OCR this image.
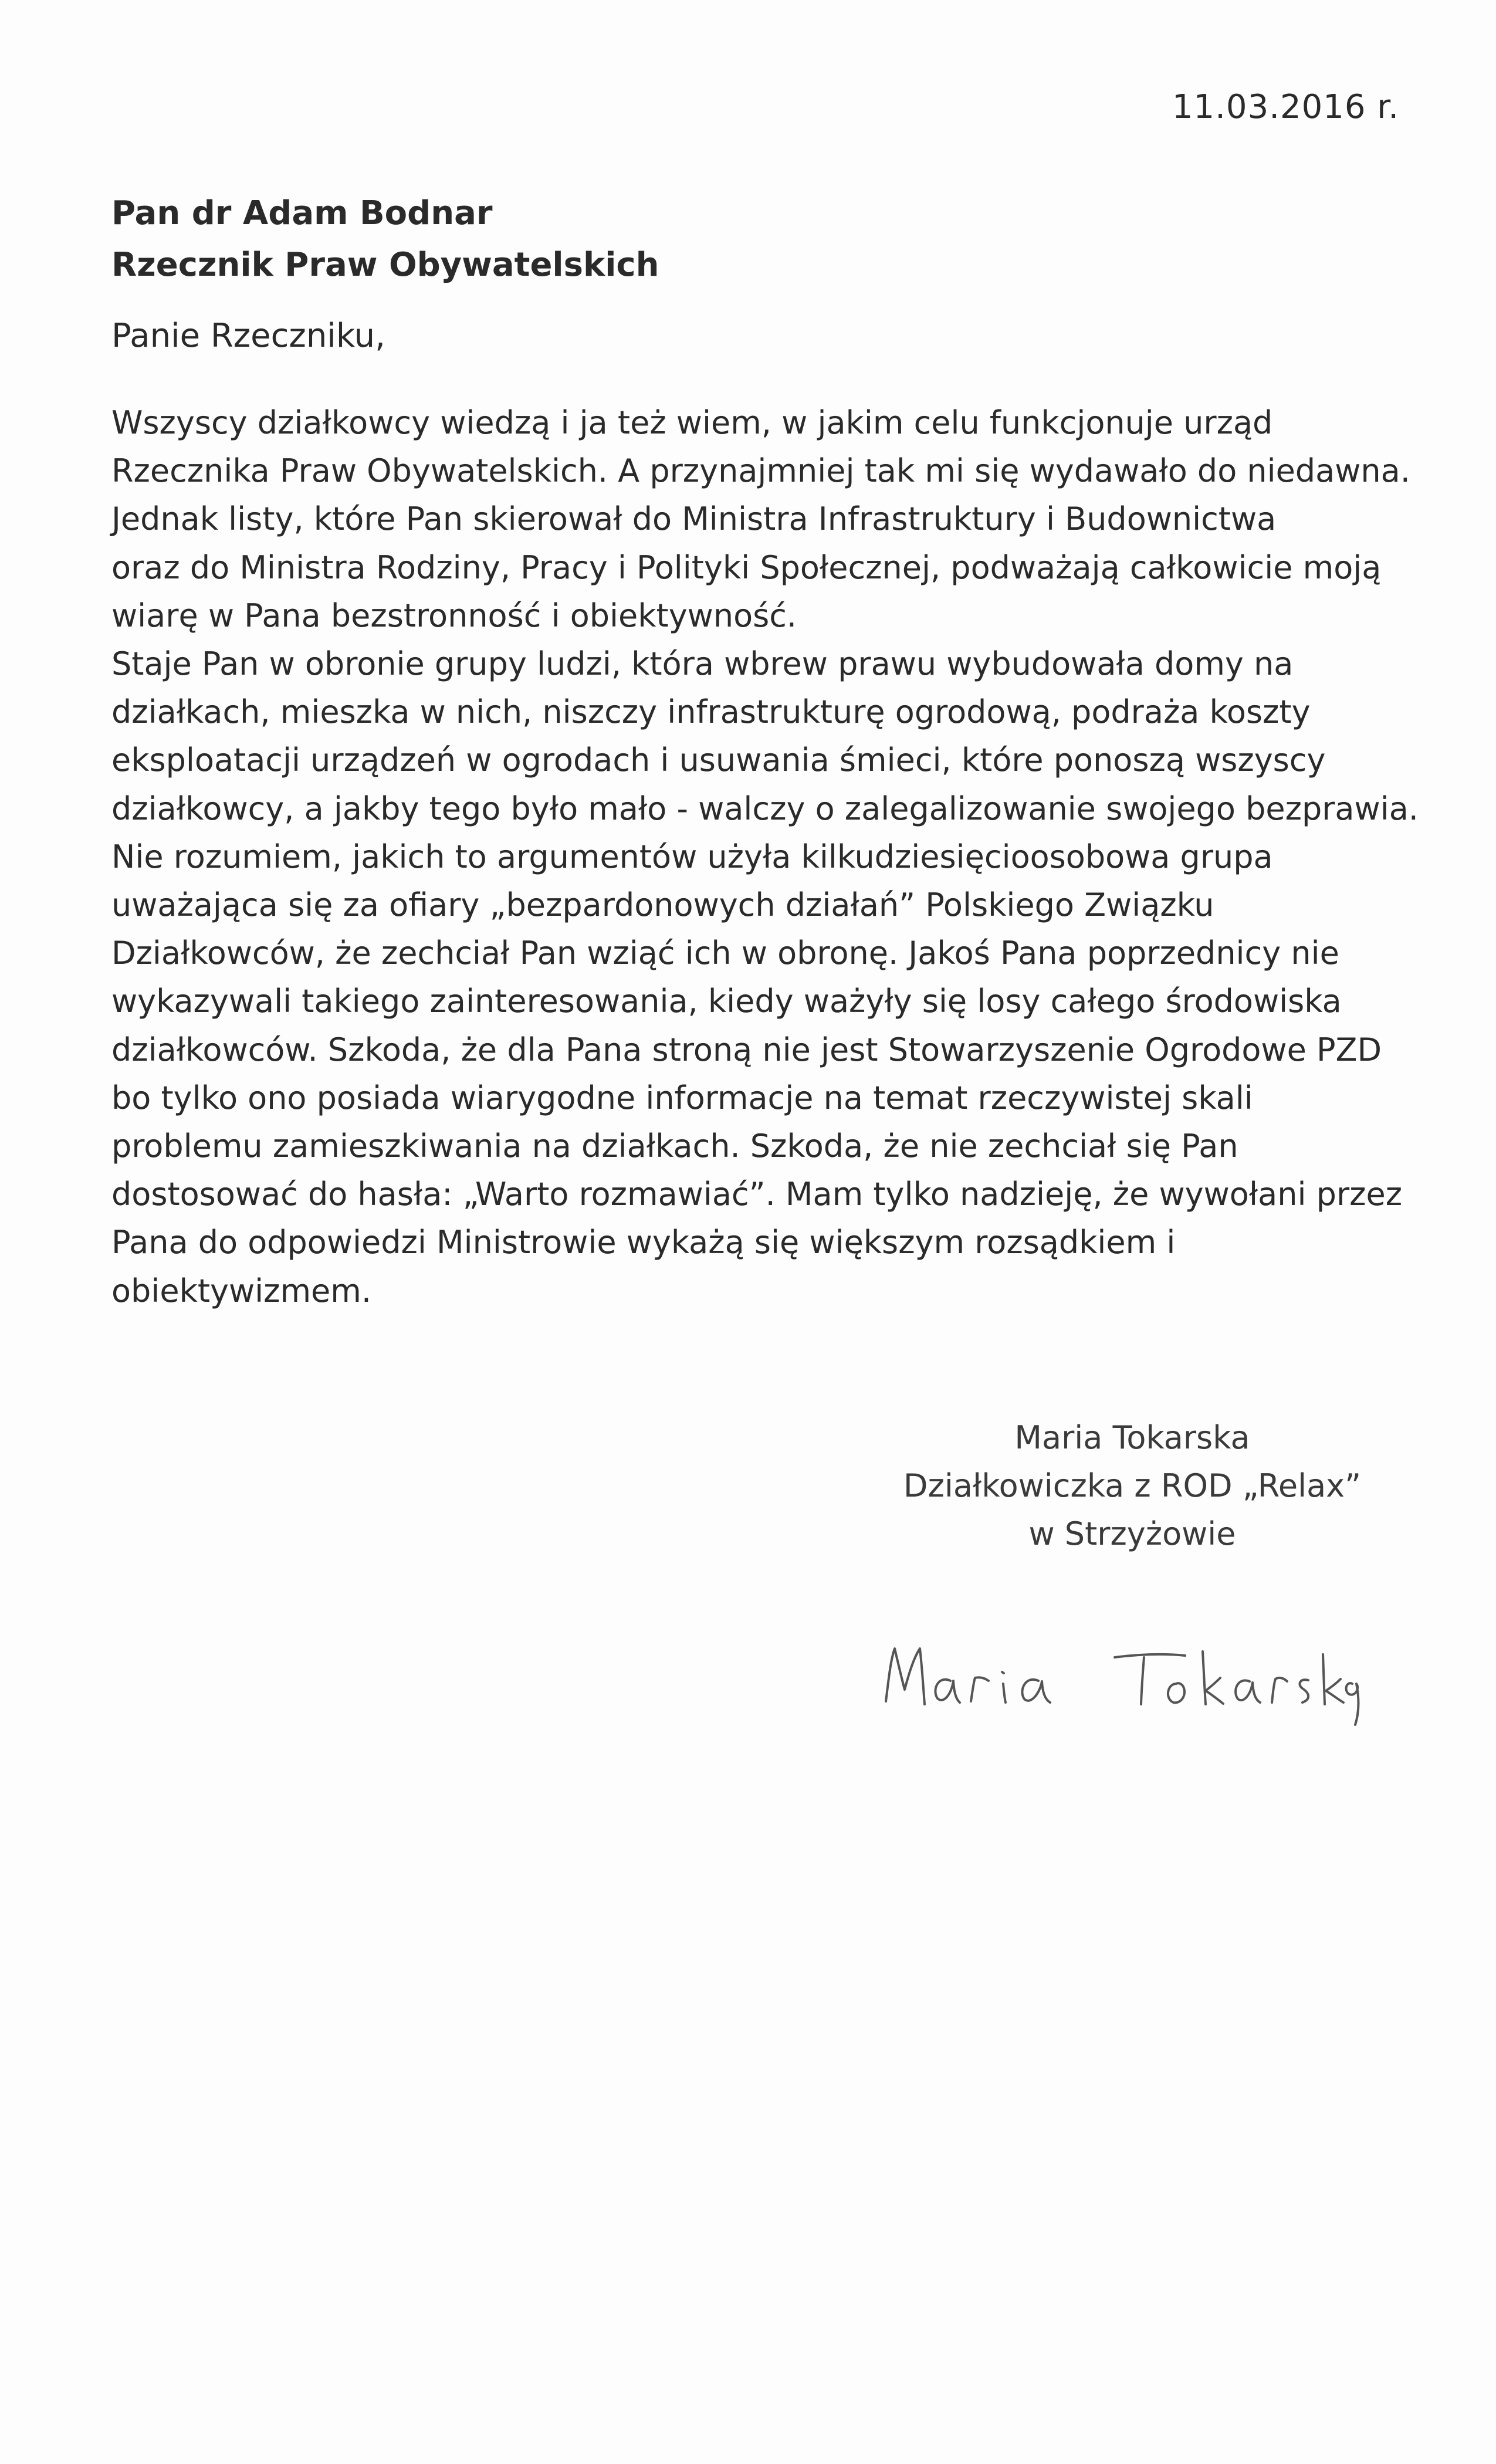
11.03.2016 r.
Pan dr Adam Bodnar
Rzecznik Praw Obywatelskich
Panie Rzeczniku,
Wszyscy działkowcy wiedzą i ja też wiem, w jakim celu funkcjonuje urząd
Rzecznika Praw Obywatelskich. A przynajmniej tak mi się wydawało do niedawna.
Jednak listy, które Pan skierował do Ministra Infrastruktury i Budownictwa
oraz do Ministra Rodziny, Pracy i Polityki Społecznej, podważają całkowicie moją
wiarę w Pana bezstronność i obiektywność.
Staje Pan w obronie grupy ludzi, która wbrew prawu wybudowała domy na
działkach, mieszka w nich, niszczy infrastrukturę ogrodową, podraża koszty
eksploatacji urządzeń w ogrodach i usuwania śmieci, które ponoszą wszyscy
działkowcy, a jakby tego było mało - walczy o zalegalizowanie swojego bezprawia.
Nie rozumiem, jakich to argumentów użyła kilkudziesięcioosobowa grupa
uważająca się za ofiary „bezpardonowych działań” Polskiego Związku
Działkowców, że zechciał Pan wziąć ich w obronę. Jakoś Pana poprzednicy nie
wykazywali takiego zainteresowania, kiedy ważyły się losy całego środowiska
działkowców. Szkoda, że dla Pana stroną nie jest Stowarzyszenie Ogrodowe PZD
bo tylko ono posiada wiarygodne informacje na temat rzeczywistej skali
problemu zamieszkiwania na działkach. Szkoda, że nie zechciał się Pan
dostosować do hasła: „Warto rozmawiać”. Mam tylko nadzieję, że wywołani przez
Pana do odpowiedzi Ministrowie wykażą się większym rozsądkiem i
obiektywizmem.
Maria Tokarska
Działkowiczka z ROD „Relax”
w Strzyżowie
